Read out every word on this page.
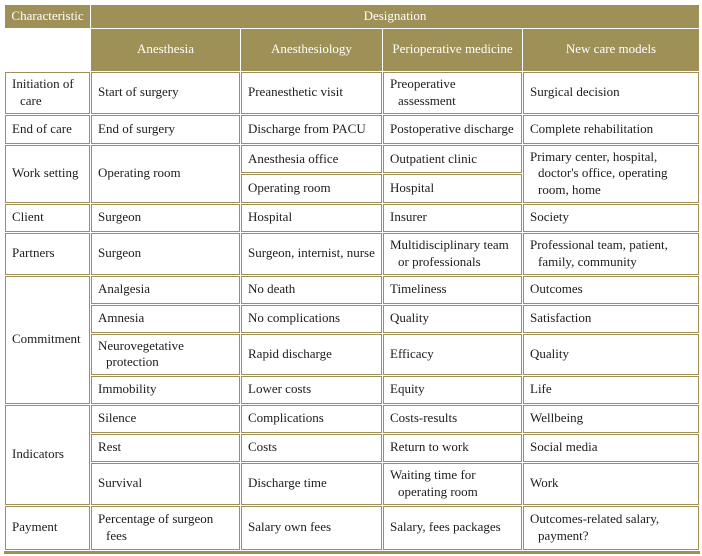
Characteristic	Designation			
	Anesthesia	Anesthesiology	Perioperative medicine	New care models
Initiation of care	Start of surgery	Preanesthetic visit	Preoperative assessment	Surgical decision
End of care	End of surgery	Discharge from PACU	Postoperative discharge	Complete rehabilitation
Work setting	Operating room	Anesthesia office	Outpatient clinic	Primary center, hospital, doctor's office, operating room, home
		Operating room	Hospital	
Client	Surgeon	Hospital	Insurer	Society
Partners	Surgeon	Surgeon, internist, nurse	Multidisciplinary team or professionals	Professional team, patient, family, community
Commitment	Analgesia	No death	Timeliness	Outcomes
	Amnesia	No complications	Quality	Satisfaction
	Neurovegetative protection	Rapid discharge	Efficacy	Quality
	Immobility	Lower costs	Equity	Life
Indicators	Silence	Complications	Costs-results	Wellbeing
	Rest	Costs	Return to work	Social media
	Survival	Discharge time	Waiting time for operating room	Work
Payment	Percentage of surgeon fees	Salary own fees	Salary, fees packages	Outcomes-related salary, payment?
